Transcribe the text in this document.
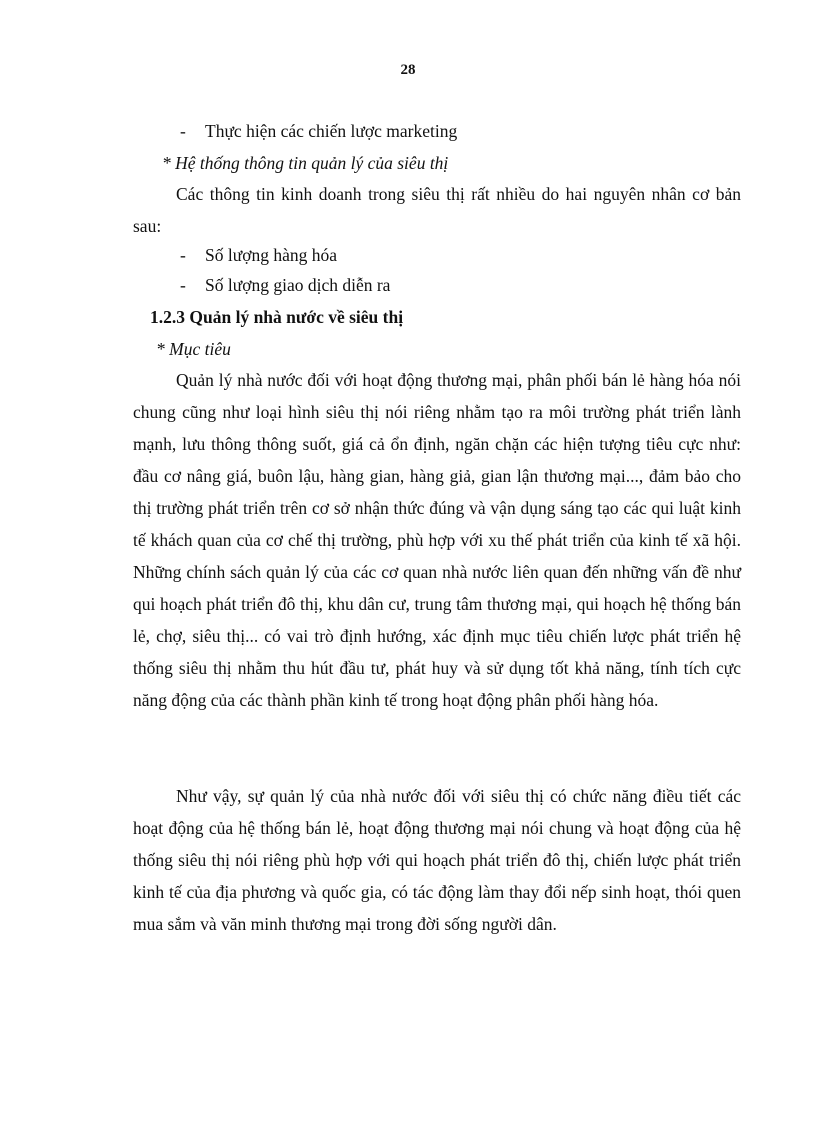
28
- Thực hiện các chiến lược marketing
* Hệ thống thông tin quản lý của siêu thị
Các thông tin kinh doanh trong siêu thị rất nhiều do hai nguyên nhân cơ bản sau:
- Số lượng hàng hóa
- Số lượng giao dịch diễn ra
1.2.3 Quản lý nhà nước về siêu thị
* Mục tiêu
Quản lý nhà nước đối với hoạt động thương mại, phân phối bán lẻ hàng hóa nói chung cũng như loại hình siêu thị nói riêng nhằm tạo ra môi trường phát triển lành mạnh, lưu thông thông suốt, giá cả ổn định, ngăn chặn các hiện tượng tiêu cực như: đầu cơ nâng giá, buôn lậu, hàng gian, hàng giả, gian lận thương mại..., đảm bảo cho thị trường phát triển trên cơ sở nhận thức đúng và vận dụng sáng tạo các qui luật kinh tế khách quan của cơ chế thị trường, phù hợp với xu thế phát triển của kinh tế xã hội. Những chính sách quản lý của các cơ quan nhà nước liên quan đến những vấn đề như qui hoạch phát triển đô thị, khu dân cư, trung tâm thương mại, qui hoạch hệ thống bán lẻ, chợ, siêu thị... có vai trò định hướng, xác định mục tiêu chiến lược phát triển hệ thống siêu thị nhằm thu hút đầu tư, phát huy và sử dụng tốt khả năng, tính tích cực năng động của các thành phần kinh tế trong hoạt động phân phối hàng hóa.
Như vậy, sự quản lý của nhà nước đối với siêu thị có chức năng điều tiết các hoạt động của hệ thống bán lẻ, hoạt động thương mại nói chung và hoạt động của hệ thống siêu thị nói riêng phù hợp với qui hoạch phát triển đô thị, chiến lược phát triển kinh tế của địa phương và quốc gia, có tác động làm thay đổi nếp sinh hoạt, thói quen mua sắm và văn minh thương mại trong đời sống người dân.
